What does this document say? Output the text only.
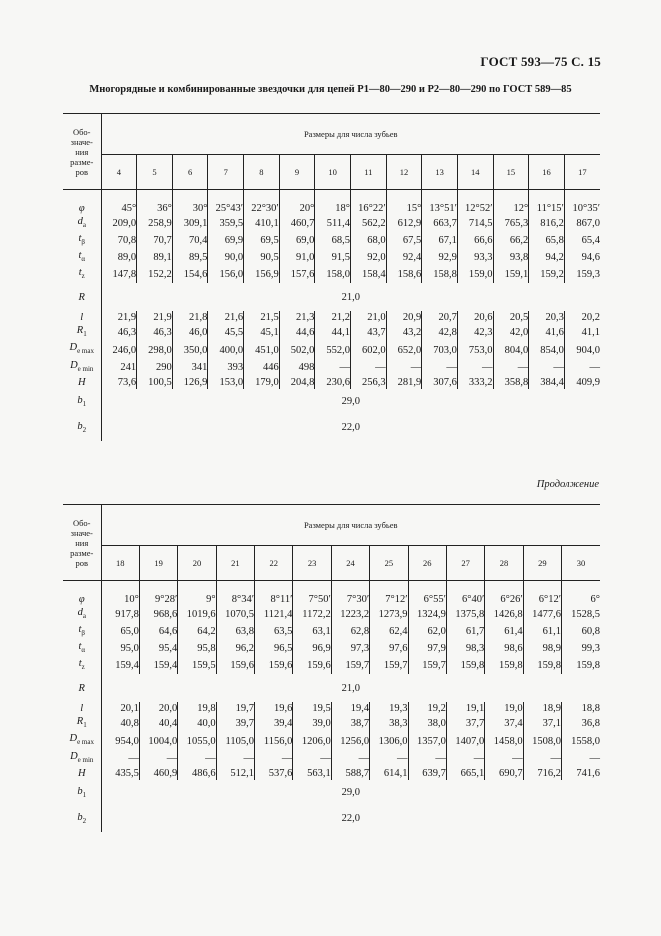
ГОСТ 593—75 С. 15
Многорядные и комбинированные звездочки для цепей Р1—80—290 и Р2—80—290 по ГОСТ 589—85
Продолжение
Обо-
значе-
ния
разме-
ров	Размеры для числа зубьев													
	4	5	6	7	8	9	10	11	12	13	14	15	16	17

φ	45°	36°	30°	25°43′	22°30′	20°	18°	16°22′	15°	13°51′	12°52′	12°	11°15′	10°35′
$d_a$	209,0	258,9	309,1	359,5	410,1	460,7	511,4	562,2	612,9	663,7	714,5	765,3	816,2	867,0
$t_\beta$	70,8	70,7	70,4	69,9	69,5	69,0	68,5	68,0	67,5	67,1	66,6	66,2	65,8	65,4
$t_\alpha$	89,0	89,1	89,5	90,0	90,5	91,0	91,5	92,0	92,4	92,9	93,3	93,8	94,2	94,6
$t_z$	147,8	152,2	154,6	156,0	156,9	157,6	158,0	158,4	158,6	158,8	159,0	159,1	159,2	159,3
R	21,0													
l	21,9	21,9	21,8	21,6	21,5	21,3	21,2	21,0	20,9	20,7	20,6	20,5	20,3	20,2
$R_1$	46,3	46,3	46,0	45,5	45,1	44,6	44,1	43,7	43,2	42,8	42,3	42,0	41,6	41,1
$D_{e max}$	246,0	298,0	350,0	400,0	451,0	502,0	552,0	602,0	652,0	703,0	753,0	804,0	854,0	904,0
$D_{e min}$	241	290	341	393	446	498	—	—	—	—	—	—	—	—
H	73,6	100,5	126,9	153,0	179,0	204,8	230,6	256,3	281,9	307,6	333,2	358,8	384,4	409,9
$b_1$	29,0													
$b_2$	22,0													
Обо-
значе-
ния
разме-
ров	Размеры для числа зубьев												
	18	19	20	21	22	23	24	25	26	27	28	29	30

φ	10°	9°28′	9°	8°34′	8°11′	7°50′	7°30′	7°12′	6°55′	6°40′	6°26′	6°12′	6°
$d_a$	917,8	968,6	1019,6	1070,5	1121,4	1172,2	1223,2	1273,9	1324,9	1375,8	1426,8	1477,6	1528,5
$t_\beta$	65,0	64,6	64,2	63,8	63,5	63,1	62,8	62,4	62,0	61,7	61,4	61,1	60,8
$t_\alpha$	95,0	95,4	95,8	96,2	96,5	96,9	97,3	97,6	97,9	98,3	98,6	98,9	99,3
$t_z$	159,4	159,4	159,5	159,6	159,6	159,6	159,7	159,7	159,7	159,8	159,8	159,8	159,8
R	21,0												
l	20,1	20,0	19,8	19,7	19,6	19,5	19,4	19,3	19,2	19,1	19,0	18,9	18,8
$R_1$	40,8	40,4	40,0	39,7	39,4	39,0	38,7	38,3	38,0	37,7	37,4	37,1	36,8
$D_{e max}$	954,0	1004,0	1055,0	1105,0	1156,0	1206,0	1256,0	1306,0	1357,0	1407,0	1458,0	1508,0	1558,0
$D_{e min}$	—	—	—	—	—	—	—	—	—	—	—	—	—
H	435,5	460,9	486,6	512,1	537,6	563,1	588,7	614,1	639,7	665,1	690,7	716,2	741,6
$b_1$	29,0												
$b_2$	22,0												
